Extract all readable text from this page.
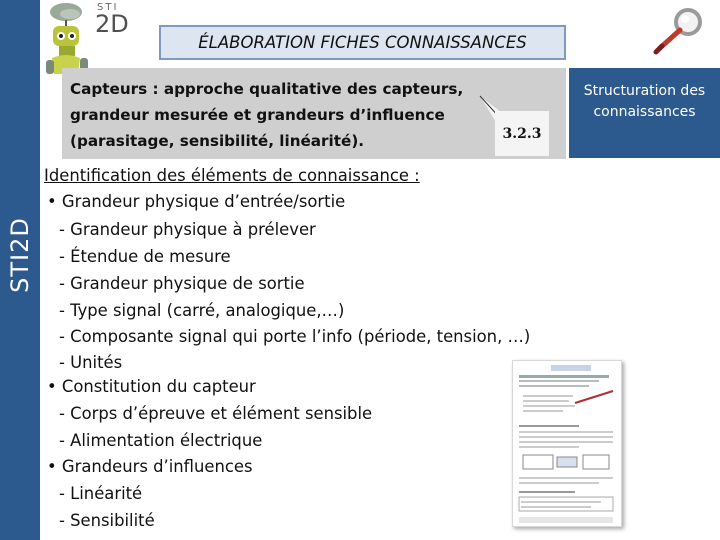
STI2D
STI
2D
ÉLABORATION FICHES CONNAISSANCES
Capteurs : approche qualitative des capteurs,
grandeur mesurée et grandeurs d’influence
(parasitage, sensibilité, linéarité).	3.2.3
Structuration des
connaissances
Identification des éléments de connaissance :
• Grandeur physique d’entrée/sortie
- Grandeur physique à prélever
- Étendue de mesure
- Grandeur physique de sortie
- Type signal (carré, analogique,…)
- Composante signal qui porte l’info (période, tension, …)
- Unités
• Constitution du capteur
- Corps d’épreuve et élément sensible
- Alimentation électrique
• Grandeurs d’influences
- Linéarité
- Sensibilité
